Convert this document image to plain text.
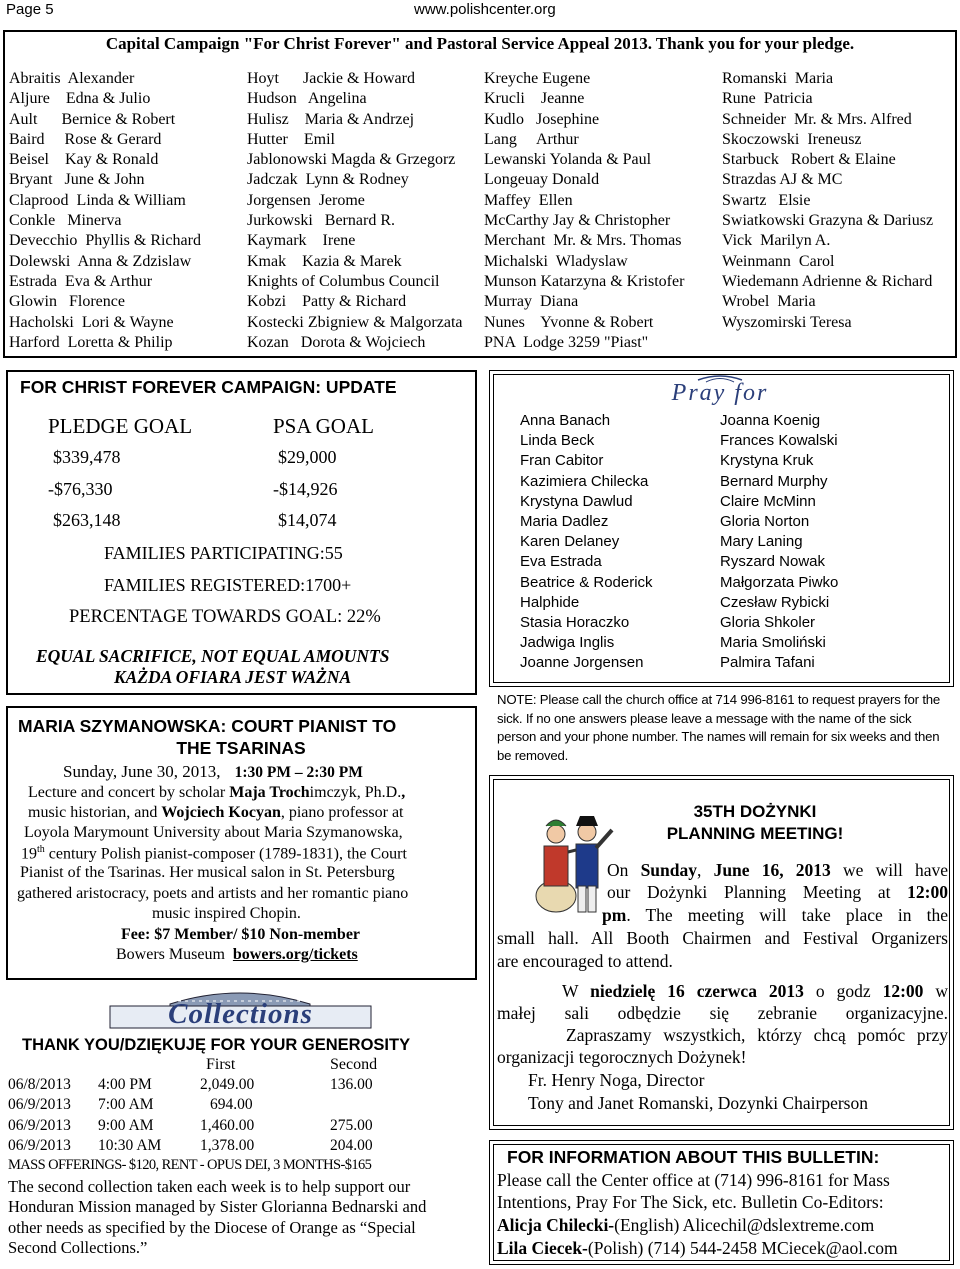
Page 5	www.polishcenter.org
Capital Campaign "For Christ Forever" and Pastoral Service Appeal 2013. Thank you for your pledge.
Abraitis  Alexander
Aljure    Edna & Julio
Ault      Bernice & Robert
Baird     Rose & Gerard
Beisel    Kay & Ronald
Bryant   June & John
Claprood  Linda & William
Conkle   Minerva
Devecchio  Phyllis & Richard
Dolewski  Anna & Zdzislaw
Estrada  Eva & Arthur
Glowin   Florence
Hacholski  Lori & Wayne
Harford  Loretta & Philip
Hoyt      Jackie & Howard
Hudson   Angelina
Hulisz    Maria & Andrzej
Hutter    Emil
Jablonowski Magda & Grzegorz
Jadczak  Lynn & Rodney
Jorgensen  Jerome
Jurkowski   Bernard R.
Kaymark    Irene
Kmak    Kazia & Marek
Knights of Columbus Council
Kobzi    Patty & Richard
Kostecki Zbigniew & Malgorzata
Kozan   Dorota & Wojciech
Kreyche Eugene
Krucli    Jeanne
Kudlo   Josephine
Lang     Arthur
Lewanski Yolanda & Paul
Longeuay Donald
Maffey  Ellen
McCarthy Jay & Christopher
Merchant  Mr. & Mrs. Thomas
Michalski  Wladyslaw
Munson Katarzyna & Kristofer
Murray  Diana
Nunes    Yvonne & Robert
PNA  Lodge 3259 "Piast"
Romanski  Maria
Rune  Patricia
Schneider  Mr. & Mrs. Alfred
Skoczowski  Ireneusz
Starbuck   Robert & Elaine
Strazdas AJ & MC
Swartz   Elsie
Swiatkowski Grazyna & Dariusz
Vick  Marilyn A.
Weinmann  Carol
Wiedemann Adrienne & Richard
Wrobel  Maria
Wyszomirski Teresa
FOR CHRIST FOREVER CAMPAIGN: UPDATE
PLEDGE GOAL	PSA GOAL
$339,478	$29,000
-$76,330	-$14,926
$263,148	$14,074
FAMILIES PARTICIPATING:55
FAMILIES REGISTERED:1700+
PERCENTAGE TOWARDS GOAL: 22%
EQUAL SACRIFICE, NOT EQUAL AMOUNTS
KAŻDA OFIARA JEST WAŻNA
MARIA SZYMANOWSKA: COURT PIANIST TO
THE TSARINAS
Sunday, June 30, 2013, 1:30 PM – 2:30 PM
Lecture and concert by scholar Maja Trochimczyk, Ph.D.,
music historian, and Wojciech Kocyan, piano professor at
Loyola Marymount University about Maria Szymanowska,
19th century Polish pianist-composer (1789-1831), the Court
Pianist of the Tsarinas. Her musical salon in St. Petersburg
gathered aristocracy, poets and artists and her romantic piano
music inspired Chopin.
Fee: $7 Member/ $10 Non-member
Bowers Museum bowers.org/tickets
Collections
THANK YOU/DZIĘKUJĘ FOR YOUR GENEROSITY
First	Second
06/8/2013 4:00 PM	2,049.00	136.00
06/9/2013 7:00 AM	694.00
06/9/2013 9:00 AM	1,460.00	275.00
06/9/2013 10:30 AM 1,378.00	204.00
MASS OFFERINGS- $120, RENT - OPUS DEI, 3 MONTHS-$165
The second collection taken each week is to help support our
Honduran Mission managed by Sister Glorianna Bednarski and
other needs as specified by the Diocese of Orange as “Special
Second Collections.”
Pray for
Anna Banach
Linda Beck
Fran Cabitor
Kazimiera Chilecka
Krystyna Dawlud
Maria Dadlez
Karen Delaney
Eva Estrada
Beatrice & Roderick
Halphide
Stasia Horaczko
Jadwiga Inglis
Joanne Jorgensen
Joanna Koenig
Frances Kowalski
Krystyna Kruk
Bernard Murphy
Claire McMinn
Gloria Norton
Mary Laning
Ryszard Nowak
Małgorzata Piwko
Czesław Rybicki
Gloria Shkoler
Maria Smoliński
Palmira Tafani
NOTE: Please call the church office at 714 996-8161 to request prayers for the sick. If no one answers please leave a message with the name of the sick person and your phone number. The names will remain for six weeks and then be removed.
35TH DOŻYNKI
PLANNING MEETING!
On Sunday, June 16, 2013 we will have
our Dożynki Planning Meeting at 12:00
pm. The meeting will take place in the
small hall. All Booth Chairmen and Festival Organizers
are encouraged to attend.
W niedzielę 16 czerwca 2013 o godz 12:00 w
małej sali odbędzie się zebranie organizacyjne.
Zapraszamy wszystkich, którzy chcą pomóc przy
organizacji tegorocznych Dożynek!
Fr. Henry Noga, Director
Tony and Janet Romanski, Dozynki Chairperson
FOR INFORMATION ABOUT THIS BULLETIN:
Please call the Center office at (714) 996-8161 for Mass
Intentions, Pray For The Sick, etc. Bulletin Co-Editors:
Alicja Chilecki-(English) Alicechil@dslextreme.com
Lila Ciecek-(Polish) (714) 544-2458 MCiecek@aol.com
